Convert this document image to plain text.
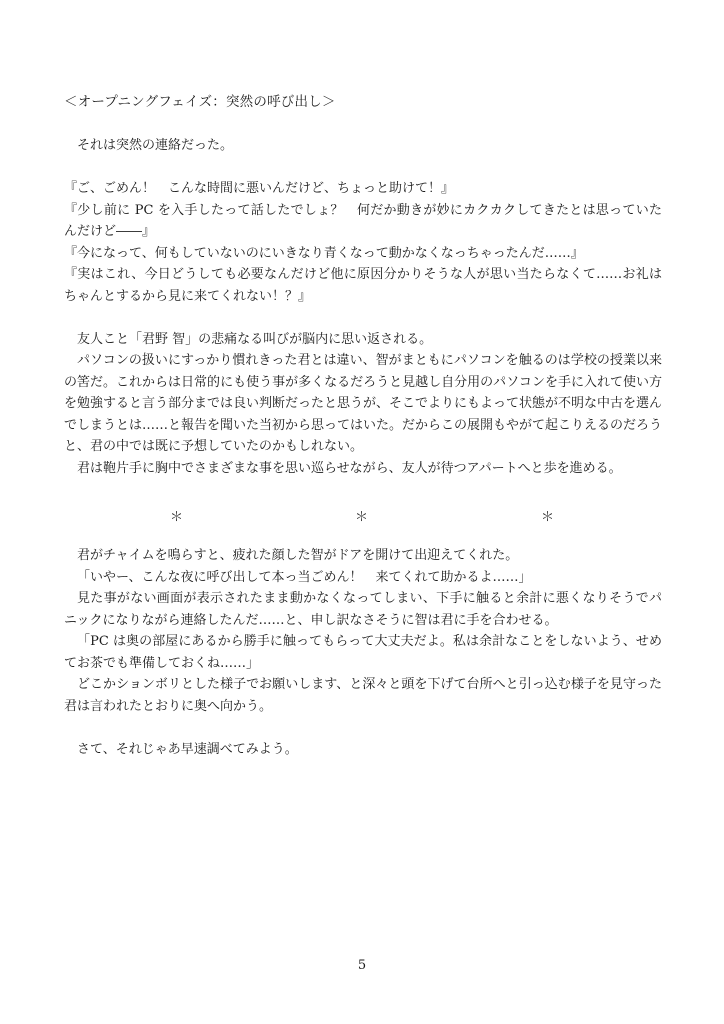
＜オープニングフェイズ：突然の呼び出し＞

それは突然の連絡だった。

『ご、ごめん！　こんな時間に悪いんだけど、ちょっと助けて！』

『少し前に PC を入手したって話したでしょ？　何だか動きが妙にカクカクしてきたとは思っていたんだけど――』

『今になって、何もしていないのにいきなり青くなって動かなくなっちゃったんだ……』

『実はこれ、今日どうしても必要なんだけど他に原因分かりそうな人が思い当たらなくて……お礼はちゃんとするから見に来てくれない！？』

友人こと「君野 智」の悲痛なる叫びが脳内に思い返される。

パソコンの扱いにすっかり慣れきった君とは違い、智がまともにパソコンを触るのは学校の授業以来の筈だ。これからは日常的にも使う事が多くなるだろうと見越し自分用のパソコンを手に入れて使い方を勉強すると言う部分までは良い判断だったと思うが、そこでよりにもよって状態が不明な中古を選んでしまうとは……と報告を聞いた当初から思ってはいた。だからこの展開もやがて起こりえるのだろうと、君の中では既に予想していたのかもしれない。

君は鞄片手に胸中でさまざまな事を思い巡らせながら、友人が待つアパートへと歩を進める。

＊	＊	＊

君がチャイムを鳴らすと、疲れた顔した智がドアを開けて出迎えてくれた。

「いやー、こんな夜に呼び出して本っ当ごめん！　来てくれて助かるよ……」

見た事がない画面が表示されたまま動かなくなってしまい、下手に触ると余計に悪くなりそうでパニックになりながら連絡したんだ……と、申し訳なさそうに智は君に手を合わせる。

「PC は奥の部屋にあるから勝手に触ってもらって大丈夫だよ。私は余計なことをしないよう、せめてお茶でも準備しておくね……」

どこかションボリとした様子でお願いします、と深々と頭を下げて台所へと引っ込む様子を見守った君は言われたとおりに奥へ向かう。

さて、それじゃあ早速調べてみよう。

5
